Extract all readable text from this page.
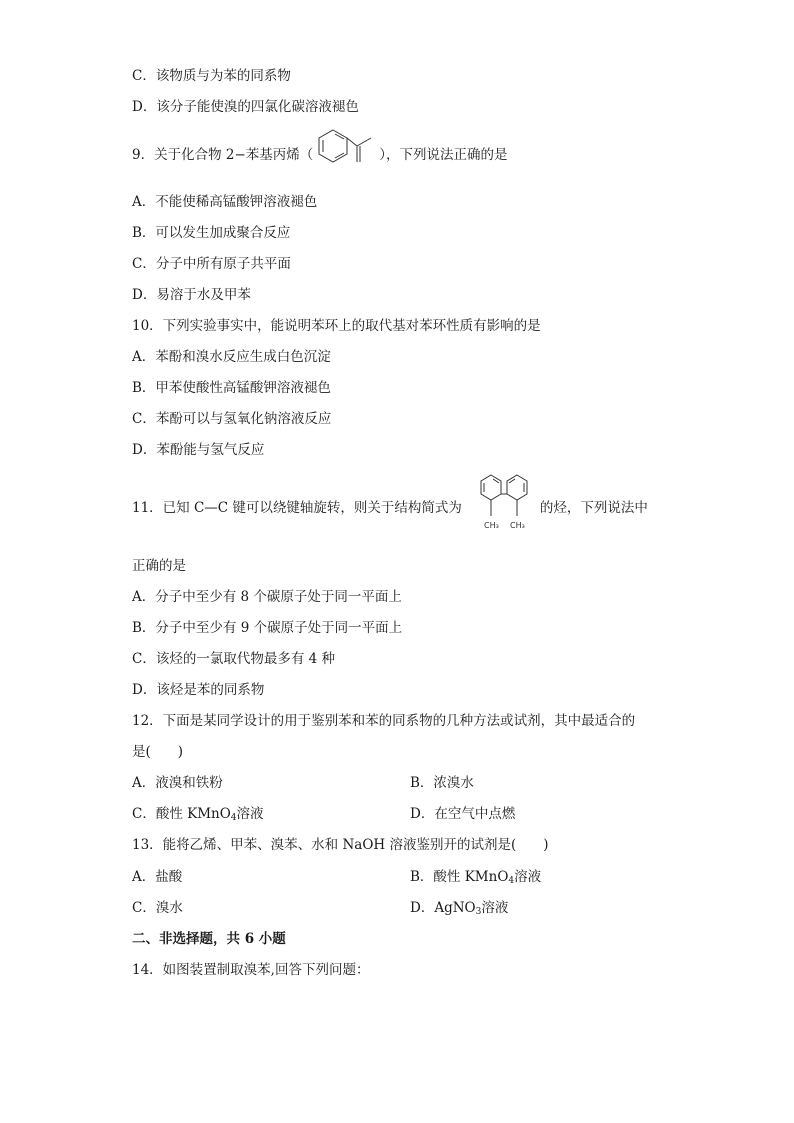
C．该物质与为苯的同系物
D．该分子能使溴的四氯化碳溶液褪色
9．关于化合物 2−苯基丙烯（	），下列说法正确的是
A．不能使稀高锰酸钾溶液褪色
B．可以发生加成聚合反应
C．分子中所有原子共平面
D．易溶于水及甲苯
10．下列实验事实中，能说明苯环上的取代基对苯环性质有影响的是
A．苯酚和溴水反应生成白色沉淀
B．甲苯使酸性高锰酸钾溶液褪色
C．苯酚可以与氢氧化钠溶液反应
D．苯酚能与氢气反应
11．已知 C—C 键可以绕键轴旋转，则关于结构简式为	的烃，下列说法中
CH₃ CH₃
正确的是
A．分子中至少有 8 个碳原子处于同一平面上
B．分子中至少有 9 个碳原子处于同一平面上
C．该烃的一氯取代物最多有 4 种
D．该烃是苯的同系物
12．下面是某同学设计的用于鉴别苯和苯的同系物的几种方法或试剂，其中最适合的
是(　　)
A．液溴和铁粉	B．浓溴水
C．酸性 KMnO$_4$溶液	D．在空气中点燃
13．能将乙烯、甲苯、溴苯、水和 NaOH 溶液鉴别开的试剂是(　　)
A．盐酸	B．酸性 KMnO$_4$溶液
C．溴水	D．AgNO$_3$溶液
二、非选择题，共 6 小题
14．如图装置制取溴苯,回答下列问题：
